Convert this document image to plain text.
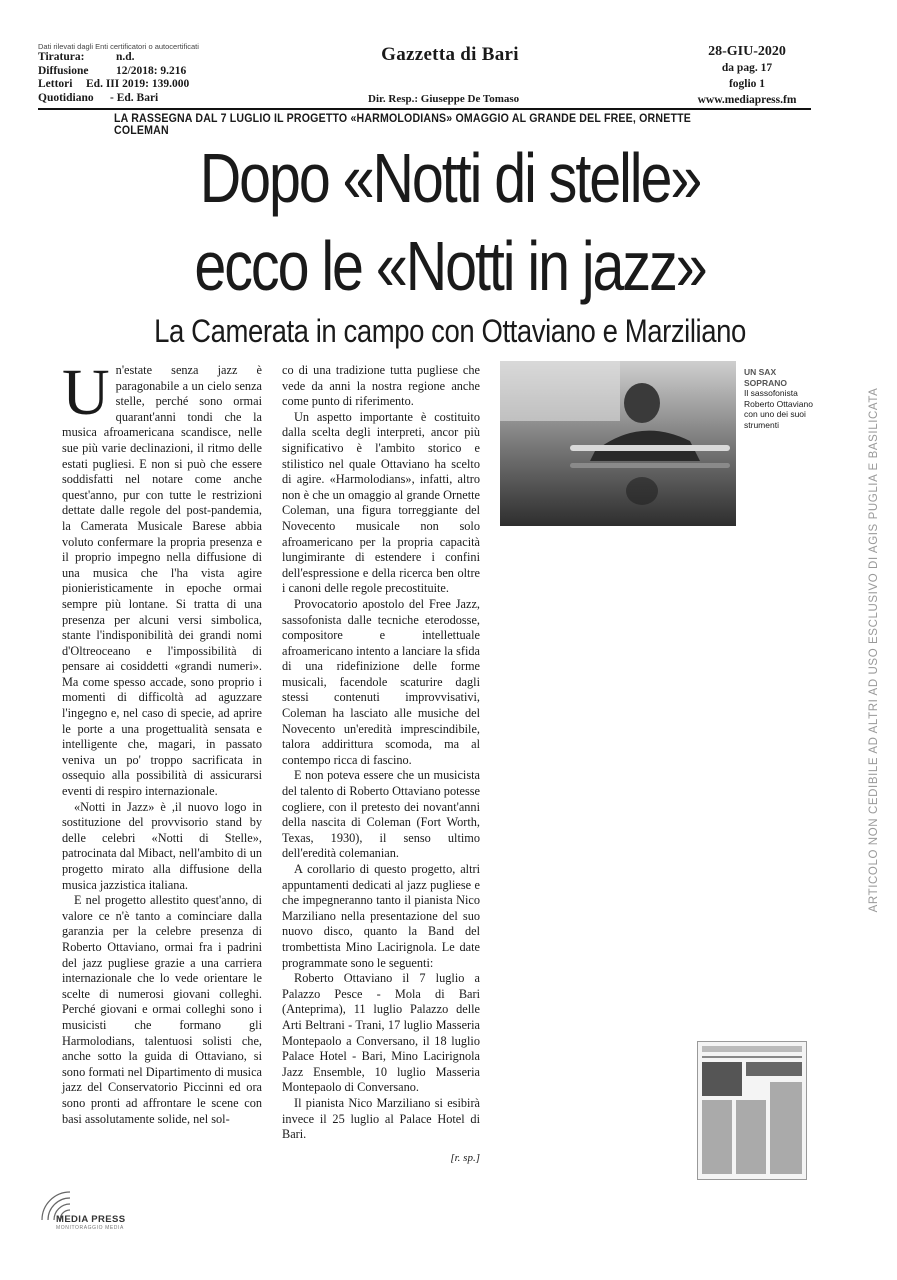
Dati rilevati dagli Enti certificatori o autocertificati
Tiratura:	n.d.
Diffusione 12/2018: 9.216
Lettori Ed. III 2019: 139.000
Quotidiano - Ed. Bari
Gazzetta di Bari
Dir. Resp.: Giuseppe De Tomaso
28-GIU-2020
da pag. 17
foglio 1
www.mediapress.fm
LA RASSEGNA DAL 7 LUGLIO IL PROGETTO «HARMOLODIANS» OMAGGIO AL GRANDE DEL FREE, ORNETTE COLEMAN
Dopo «Notti di stelle»
ecco le «Notti in jazz»
La Camerata in campo con Ottaviano e Marziliano

Un'estate senza jazz è paragonabile a un cielo senza stelle, perché sono ormai quarant'anni tondi che la musica afroamericana scandisce, nelle sue più varie declinazioni, il ritmo delle estati pugliesi. E non si può che essere soddisfatti nel notare come anche quest'anno, pur con tutte le restrizioni dettate dalle regole del post-pandemia, la Camerata Musicale Barese abbia voluto confermare la propria presenza e il proprio impegno nella diffusione di una musica che l'ha vista agire pionieristicamente in epoche ormai sempre più lontane. Si tratta di una presenza per alcuni versi simbolica, stante l'indisponibilità dei grandi nomi d'Oltreoceano e l'impossibilità di pensare ai cosiddetti «grandi numeri». Ma come spesso accade, sono proprio i momenti di difficoltà ad aguzzare l'ingegno e, nel caso di specie, ad aprire le porte a una progettualità sensata e intelligente che, magari, in passato veniva un po' troppo sacrificata in ossequio alla possibilità di assicurarsi eventi di respiro internazionale.

«Notti in Jazz» è ,il nuovo logo in sostituzione del provvisorio stand by delle celebri «Notti di Stelle», patrocinata dal Mibact, nell'ambito di un progetto mirato alla diffusione della musica jazzistica italiana.

E nel progetto allestito quest'anno, di valore ce n'è tanto a cominciare dalla garanzia per la celebre presenza di Roberto Ottaviano, ormai fra i padrini del jazz pugliese grazie a una carriera internazionale che lo vede orientare le scelte di numerosi giovani colleghi. Perché giovani e ormai colleghi sono i musicisti che formano gli Harmolodians, talentuosi solisti che, anche sotto la guida di Ottaviano, si sono formati nel Dipartimento di musica jazz del Conservatorio Piccinni ed ora sono pronti ad affrontare le scene con basi assolutamente solide, nel sol-

co di una tradizione tutta pugliese che vede da anni la nostra regione anche come punto di riferimento.

Un aspetto importante è costituito dalla scelta degli interpreti, ancor più significativo è l'ambito storico e stilistico nel quale Ottaviano ha scelto di agire. «Harmolodians», infatti, altro non è che un omaggio al grande Ornette Coleman, una figura torreggiante del Novecento musicale non solo afroamericano per la propria capacità lungimirante di estendere i confini dell'espressione e della ricerca ben oltre i canoni delle regole precostituite.

Provocatorio apostolo del Free Jazz, sassofonista dalle tecniche eterodosse, compositore e intellettuale afroamericano intento a lanciare la sfida di una ridefinizione delle forme musicali, facendole scaturire dagli stessi contenuti improvvisativi, Coleman ha lasciato alle musiche del Novecento un'eredità imprescindibile, talora addirittura scomoda, ma al contempo ricca di fascino.

E non poteva essere che un musicista del talento di Roberto Ottaviano potesse cogliere, con il pretesto dei novant'anni della nascita di Coleman (Fort Worth, Texas, 1930), il senso ultimo dell'eredità colemanian.

A corollario di questo progetto, altri appuntamenti dedicati al jazz pugliese e che impegneranno tanto il pianista Nico Marziliano nella presentazione del suo nuovo disco, quanto la Band del trombettista Mino Lacirignola. Le date programmate sono le seguenti:

Roberto Ottaviano il 7 luglio a Palazzo Pesce - Mola di Bari (Anteprima), 11 luglio Palazzo delle Arti Beltrani - Trani, 17 luglio Masseria Montepaolo a Conversano, il 18 luglio Palace Hotel - Bari, Mino Lacirignola Jazz Ensemble, 10 luglio Masseria Montepaolo di Conversano.

Il pianista Nico Marziliano si esibirà invece il 25 luglio al Palace Hotel di Bari.

[r. sp.]
UN SAX SOPRANO
Il sassofonista Roberto Ottaviano con uno dei suoi strumenti	ARTICOLO NON CEDIBILE AD ALTRI AD USO ESCLUSIVO DI AGIS PUGLIA E BASILICATA
MEDIA PRESS
MONITORAGGIO MEDIA
